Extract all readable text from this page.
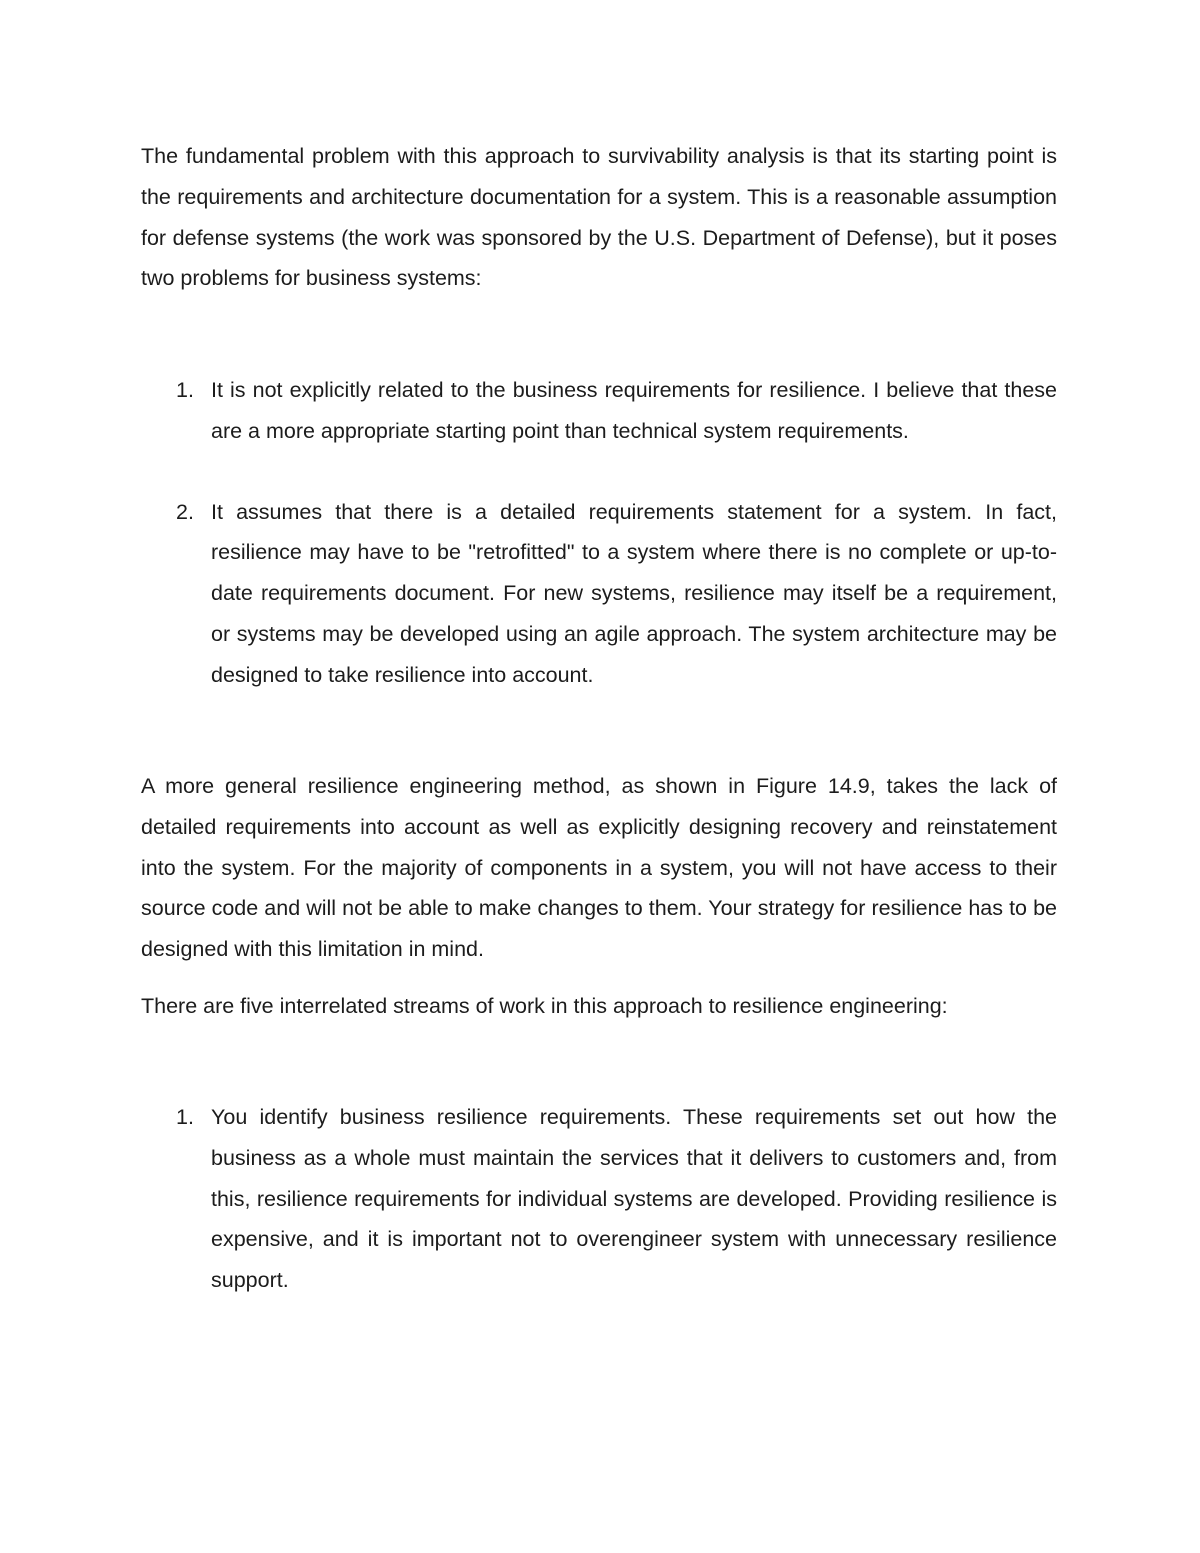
The fundamental problem with this approach to survivability analysis is that its starting point is the requirements and architecture documentation for a system. This is a reasonable assumption for defense systems (the work was sponsored by the U.S. Department of Defense), but it poses two problems for business systems:

1. It is not explicitly related to the business requirements for resilience. I believe that these are a more appropriate starting point than technical system requirements.
2. It assumes that there is a detailed requirements statement for a system. In fact, resilience may have to be "retrofitted" to a system where there is no complete or up-to-date requirements document. For new systems, resilience may itself be a requirement, or systems may be developed using an agile approach. The system architecture may be designed to take resilience into account.

A more general resilience engineering method, as shown in Figure 14.9, takes the lack of detailed requirements into account as well as explicitly designing recovery and reinstatement into the system. For the majority of components in a system, you will not have access to their source code and will not be able to make changes to them. Your strategy for resilience has to be designed with this limitation in mind.

There are five interrelated streams of work in this approach to resilience engineering:

1. You identify business resilience requirements. These requirements set out how the business as a whole must maintain the services that it delivers to customers and, from this, resilience requirements for individual systems are developed. Providing resilience is expensive, and it is important not to overengineer system with unnecessary resilience support.
